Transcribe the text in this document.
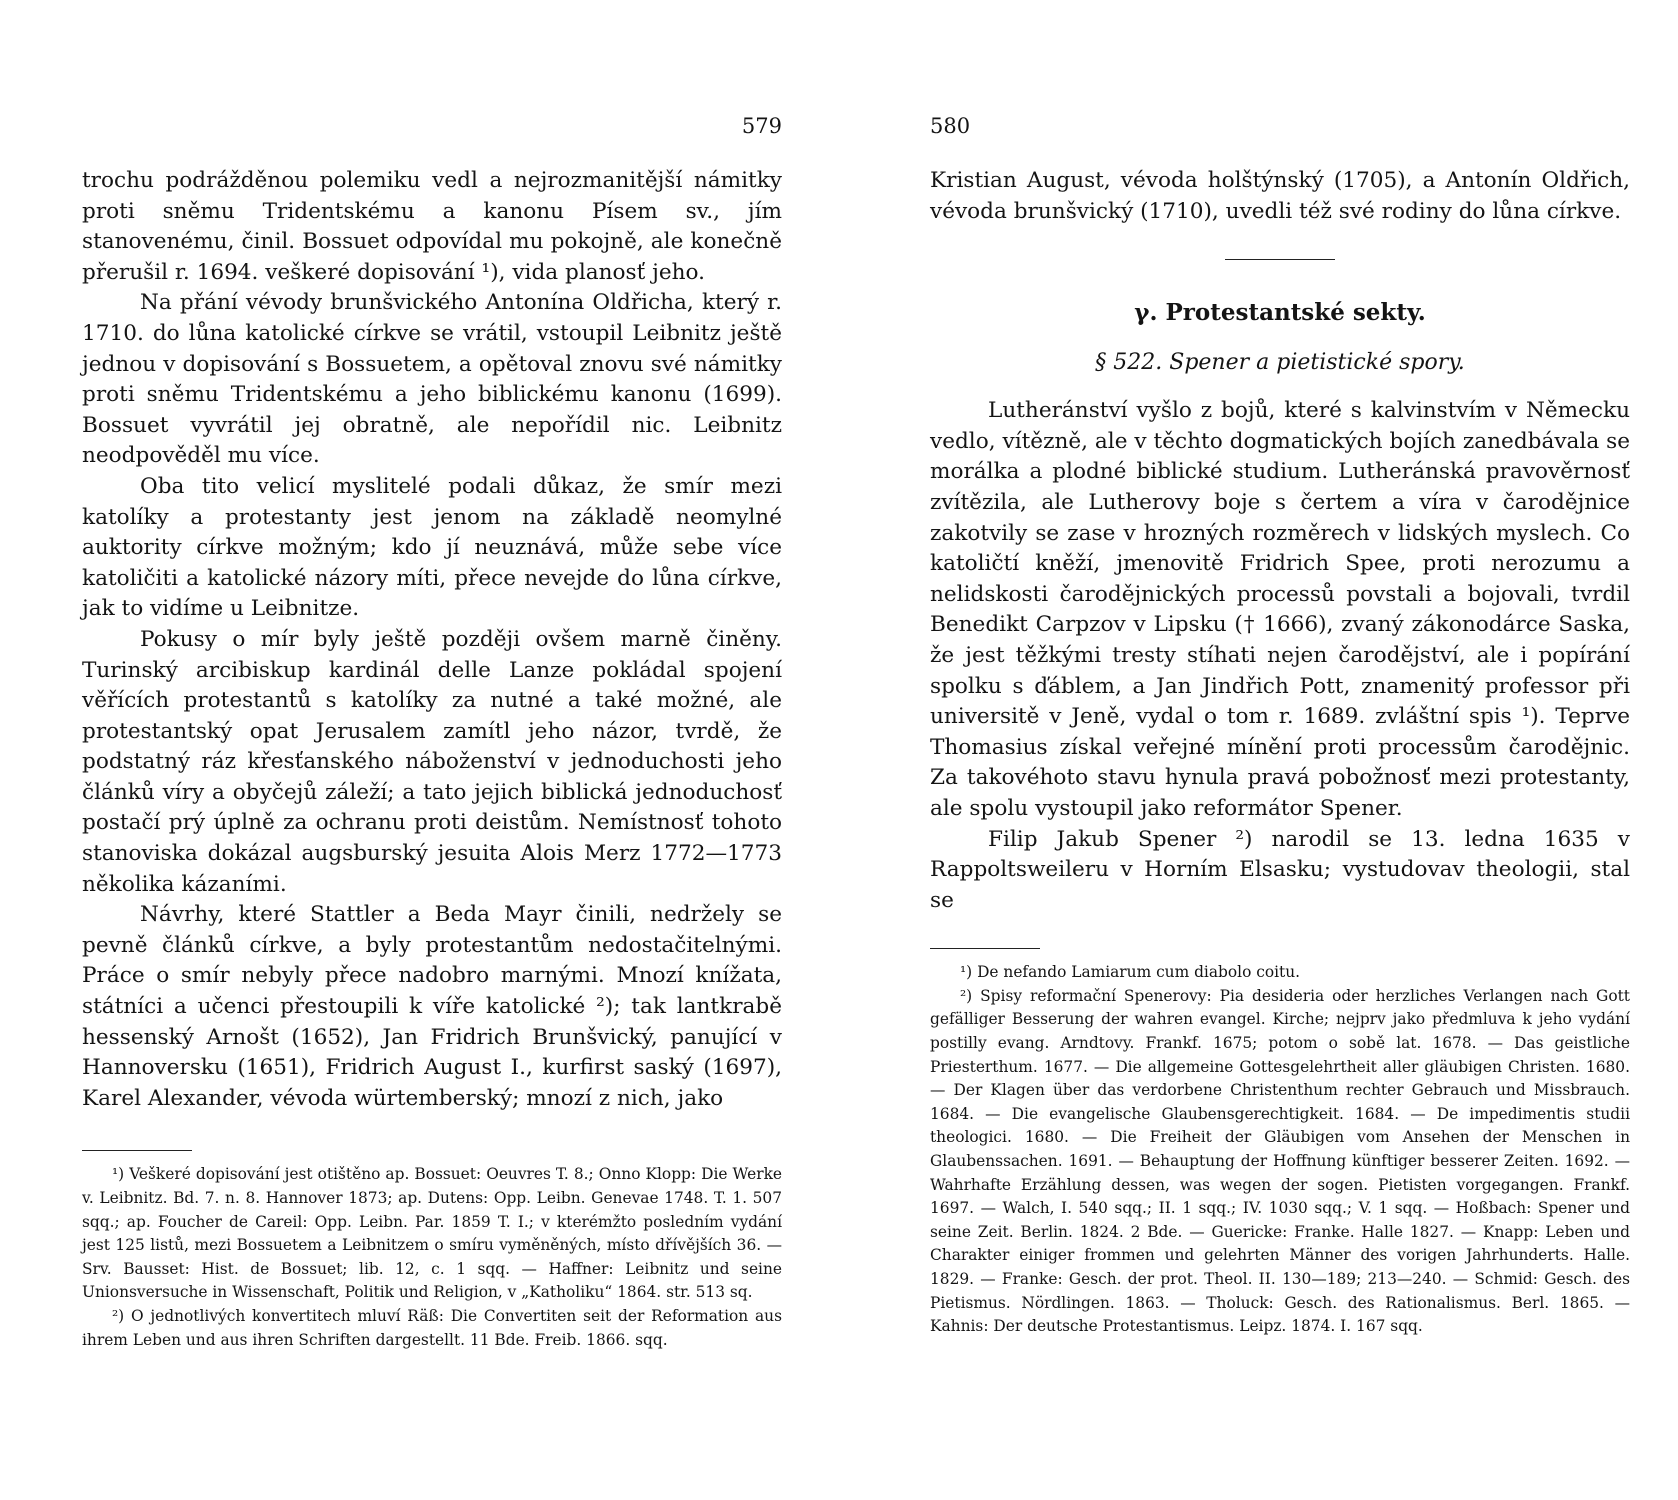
579

trochu podrážděnou polemiku vedl a nejrozmanitější námitky proti sněmu Tridentskému a kanonu Písem sv., jím stanovenému, činil. Bossuet odpovídal mu pokojně, ale konečně přerušil r. 1694. veškeré dopisování ¹), vida planosť jeho.

Na přání vévody brunšvického Antonína Oldřicha, který r. 1710. do lůna katolické církve se vrátil, vstoupil Leibnitz ještě jednou v dopisování s Bossuetem, a opětoval znovu své námitky proti sněmu Tridentskému a jeho biblickému kanonu (1699). Bossuet vyvrátil jej obratně, ale nepořídil nic. Leibnitz neodpověděl mu více.

Oba tito velicí myslitelé podali důkaz, že smír mezi katolíky a protestanty jest jenom na základě neomylné auktority církve možným; kdo jí neuznává, může sebe více katoličiti a katolické názory míti, přece nevejde do lůna církve, jak to vidíme u Leibnitze.

Pokusy o mír byly ještě později ovšem marně činěny. Turinský arcibiskup kardinál delle Lanze pokládal spojení věřících protestantů s katolíky za nutné a také možné, ale protestantský opat Jerusalem zamítl jeho názor, tvrdě, že podstatný ráz křesťanského náboženství v jednoduchosti jeho článků víry a obyčejů záleží; a tato jejich biblická jednoduchosť postačí prý úplně za ochranu proti deistům. Nemístnosť tohoto stanoviska dokázal augsburský jesuita Alois Merz 1772—1773 několika kázaními.

Návrhy, které Stattler a Beda Mayr činili, nedržely se pevně článků církve, a byly protestantům nedostačitelnými. Práce o smír nebyly přece nadobro marnými. Mnozí knížata, státníci a učenci přestoupili k víře katolické ²); tak lantkrabě hessenský Arnošt (1652), Jan Fridrich Brunšvický, panující v Hannoversku (1651), Fridrich August I., kurfirst saský (1697), Karel Alexander, vévoda würtemberský; mnozí z nich, jako

¹) Veškeré dopisování jest otištěno ap. Bossuet: Oeuvres T. 8.; Onno Klopp: Die Werke v. Leibnitz. Bd. 7. n. 8. Hannover 1873; ap. Dutens: Opp. Leibn. Genevae 1748. T. 1. 507 sqq.; ap. Foucher de Careil: Opp. Leibn. Par. 1859 T. I.; v kterémžto posledním vydání jest 125 listů, mezi Bossuetem a Leibnitzem o smíru vyměněných, místo dřívějších 36. — Srv. Bausset: Hist. de Bossuet; lib. 12, c. 1 sqq. — Haffner: Leibnitz und seine Unionsversuche in Wissenschaft, Politik und Religion, v „Katholiku“ 1864. str. 513 sq.

²) O jednotlivých konvertitech mluví Räß: Die Convertiten seit der Reformation aus ihrem Leben und aus ihren Schriften dargestellt. 11 Bde. Freib. 1866. sqq.

580

Kristian August, vévoda holštýnský (1705), a Antonín Oldřich, vévoda brunšvický (1710), uvedli též své rodiny do lůna církve.

γ. Protestantské sekty.
§ 522. Spener a pietistické spory.

Lutheránství vyšlo z bojů, které s kalvinstvím v Německu vedlo, vítězně, ale v těchto dogmatických bojích zanedbávala se morálka a plodné biblické studium. Lutheránská pravověrnosť zvítězila, ale Lutherovy boje s čertem a víra v čarodějnice zakotvily se zase v hrozných rozměrech v lidských myslech. Co katoličtí kněží, jmenovitě Fridrich Spee, proti nerozumu a nelidskosti čarodějnických processů povstali a bojovali, tvrdil Benedikt Carpzov v Lipsku († 1666), zvaný zákonodárce Saska, že jest těžkými tresty stíhati nejen čarodějství, ale i popírání spolku s ďáblem, a Jan Jindřich Pott, znamenitý professor při universitě v Jeně, vydal o tom r. 1689. zvláštní spis ¹). Teprve Thomasius získal veřejné mínění proti processům čarodějnic. Za takovéhoto stavu hynula pravá pobožnosť mezi protestanty, ale spolu vystoupil jako reformátor Spener.

Filip Jakub Spener ²) narodil se 13. ledna 1635 v Rappoltsweileru v Horním Elsasku; vystudovav theologii, stal se

¹) De nefando Lamiarum cum diabolo coitu.

²) Spisy reformační Spenerovy: Pia desideria oder herzliches Verlangen nach Gott gefälliger Besserung der wahren evangel. Kirche; nejprv jako předmluva k jeho vydání postilly evang. Arndtovy. Frankf. 1675; potom o sobě lat. 1678. — Das geistliche Priesterthum. 1677. — Die allgemeine Gottesgelehrtheit aller gläubigen Christen. 1680. — Der Klagen über das verdorbene Christenthum rechter Gebrauch und Missbrauch. 1684. — Die evangelische Glaubensgerechtigkeit. 1684. — De impedimentis studii theologici. 1680. — Die Freiheit der Gläubigen vom Ansehen der Menschen in Glaubenssachen. 1691. — Behauptung der Hoffnung künftiger besserer Zeiten. 1692. — Wahrhafte Erzählung dessen, was wegen der sogen. Pietisten vorgegangen. Frankf. 1697. — Walch, I. 540 sqq.; II. 1 sqq.; IV. 1030 sqq.; V. 1 sqq. — Hoßbach: Spener und seine Zeit. Berlin. 1824. 2 Bde. — Guericke: Franke. Halle 1827. — Knapp: Leben und Charakter einiger frommen und gelehrten Männer des vorigen Jahrhunderts. Halle. 1829. — Franke: Gesch. der prot. Theol. II. 130—189; 213—240. — Schmid: Gesch. des Pietismus. Nördlingen. 1863. — Tholuck: Gesch. des Rationalismus. Berl. 1865. — Kahnis: Der deutsche Protestantismus. Leipz. 1874. I. 167 sqq.
